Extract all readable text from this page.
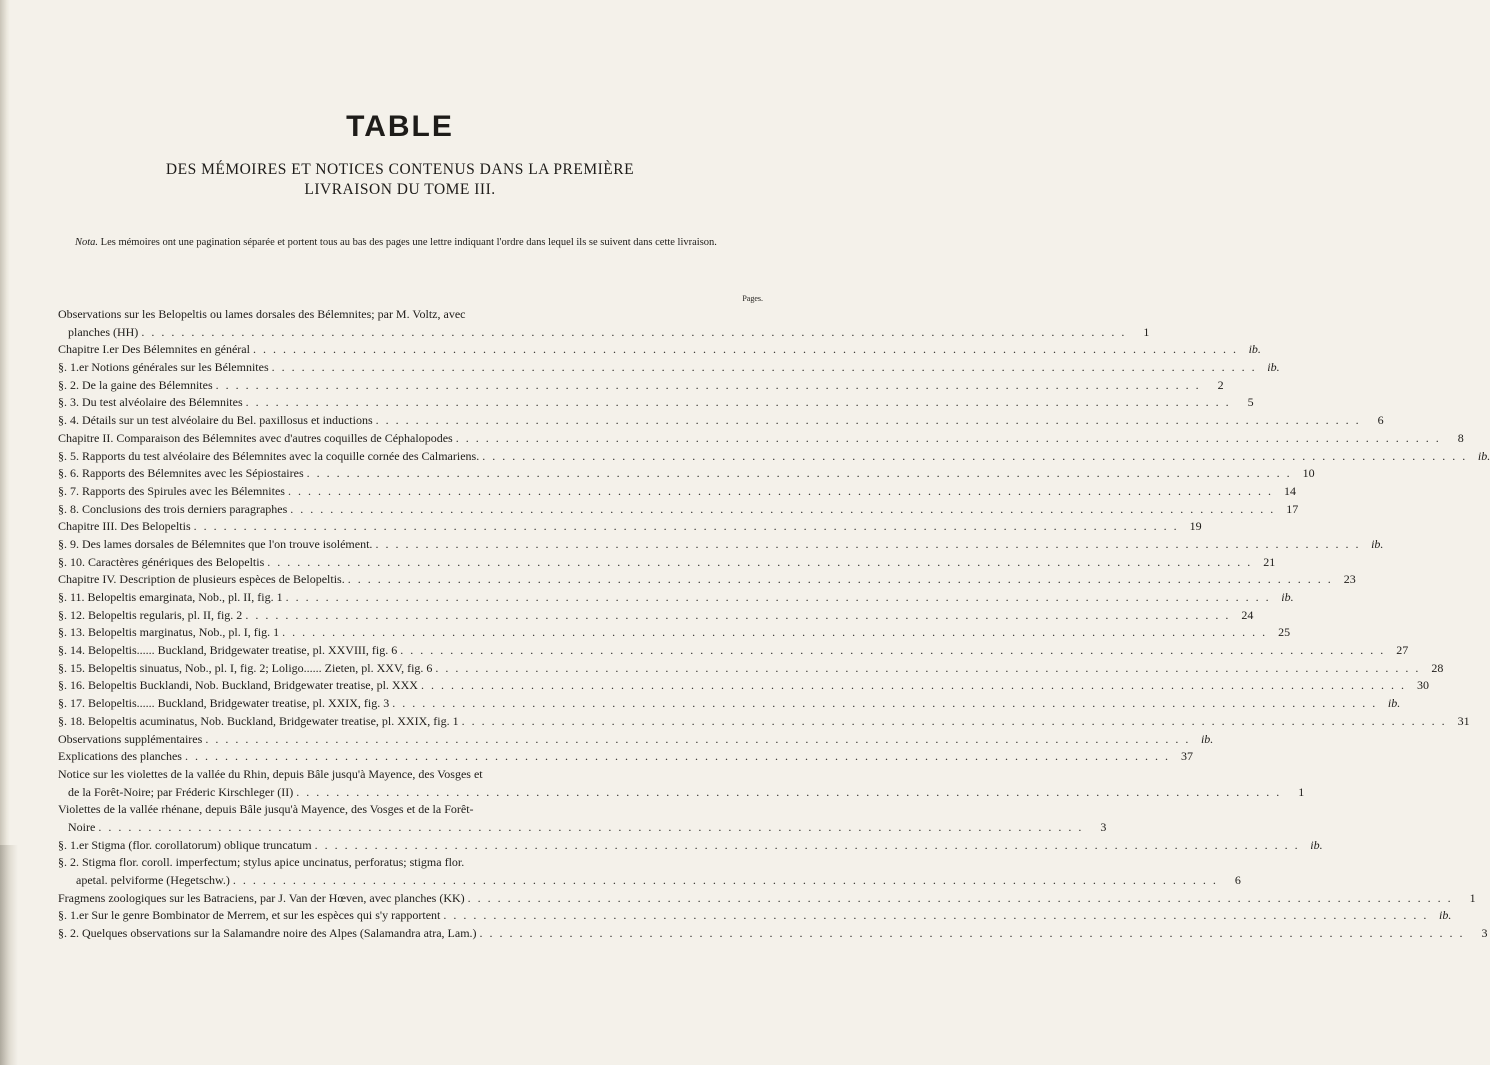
TABLE
DES MÉMOIRES ET NOTICES CONTENUS DANS LA PREMIÈRE
LIVRAISON DU TOME III.
Nota. Les mémoires ont une pagination séparée et portent tous au bas des pages une lettre indiquant l'ordre dans lequel ils se suivent dans cette livraison.
Pages.
Observations sur les Belopeltis ou lames dorsales des Bélemnites; par M. Voltz, avec
planches (HH) . . .	1
Chapitre I.er Des Bélemnites en général . . .	ib.
§. 1.er Notions générales sur les Bélemnites . . .	ib.
§. 2. De la gaine des Bélemnites . . .	2
§. 3. Du test alvéolaire des Bélemnites . . .	5
§. 4. Détails sur un test alvéolaire du Bel. paxillosus et inductions . . .	6
Chapitre II. Comparaison des Bélemnites avec d'autres coquilles de Céphalopodes . . .	8
§. 5. Rapports du test alvéolaire des Bélemnites avec la coquille cornée des Calmariens. . . .	ib.
§. 6. Rapports des Bélemnites avec les Sépiostaires . . .	10
§. 7. Rapports des Spirules avec les Bélemnites . . .	14
§. 8. Conclusions des trois derniers paragraphes . . .	17
Chapitre III. Des Belopeltis . . .	19
§. 9. Des lames dorsales de Bélemnites que l'on trouve isolément. . . .	ib.
§. 10. Caractères génériques des Belopeltis . . .	21
Chapitre IV. Description de plusieurs espèces de Belopeltis. . . .	23
§. 11. Belopeltis emarginata, Nob., pl. II, fig. 1 . . .	ib.
§. 12. Belopeltis regularis, pl. II, fig. 2 . . .	24
§. 13. Belopeltis marginatus, Nob., pl. I, fig. 1 . . .	25
§. 14. Belopeltis...... Buckland, Bridgewater treatise, pl. XXVIII, fig. 6 . . .	27
§. 15. Belopeltis sinuatus, Nob., pl. I, fig. 2; Loligo...... Zieten, pl. XXV, fig. 6 . . .	28
§. 16. Belopeltis Bucklandi, Nob. Buckland, Bridgewater treatise, pl. XXX . . .	30
§. 17. Belopeltis...... Buckland, Bridgewater treatise, pl. XXIX, fig. 3 . . .	ib.
§. 18. Belopeltis acuminatus, Nob. Buckland, Bridgewater treatise, pl. XXIX, fig. 1 . . .	31
Observations supplémentaires . . .	ib.
Explications des planches . . .	37
Notice sur les violettes de la vallée du Rhin, depuis Bâle jusqu'à Mayence, des Vosges et
de la Forêt-Noire; par Fréderic Kirschleger (II) . . .	1
Violettes de la vallée rhénane, depuis Bâle jusqu'à Mayence, des Vosges et de la Forêt-
Noire . . .	3
§. 1.er Stigma (flor. corollatorum) oblique truncatum . . .	ib.
§. 2. Stigma flor. coroll. imperfectum; stylus apice uncinatus, perforatus; stigma flor.
apetal. pelviforme (Hegetschw.) . . .	6
Fragmens zoologiques sur les Batraciens, par J. Van der Hœven, avec planches (KK) . . .	1
§. 1.er Sur le genre Bombinator de Merrem, et sur les espèces qui s'y rapportent . . .	ib.
§. 2. Quelques observations sur la Salamandre noire des Alpes (Salamandra atra, Lam.) . . .	3
